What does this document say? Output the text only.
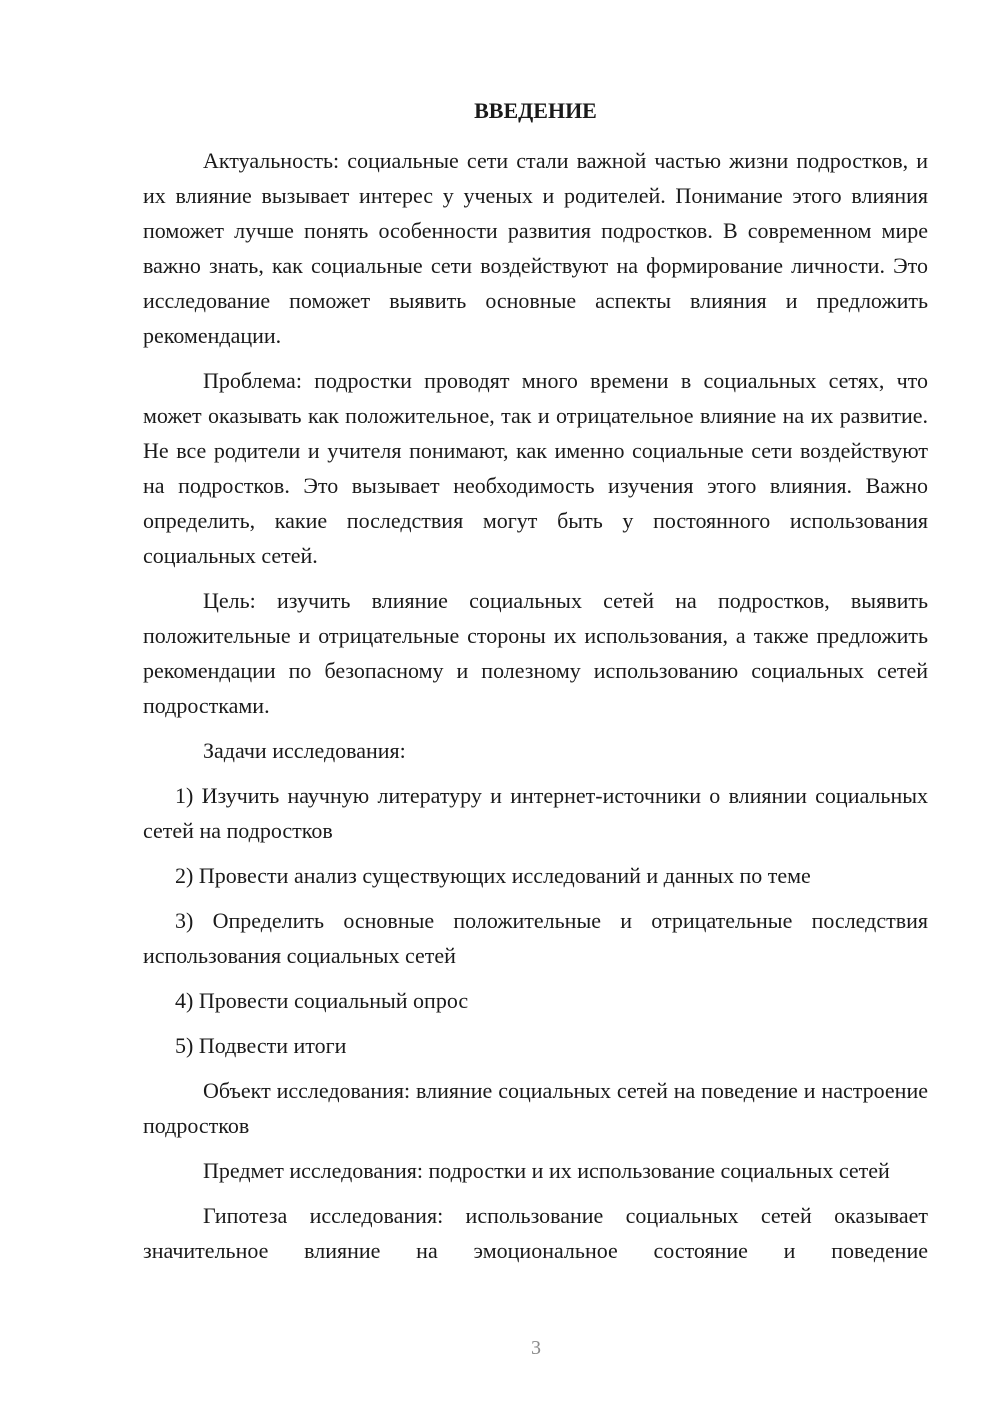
ВВЕДЕНИЕ

Актуальность: социальные сети стали важной частью жизни подростков, и их влияние вызывает интерес у ученых и родителей. Понимание этого влияния поможет лучше понять особенности развития подростков. В современном мире важно знать, как социальные сети воздействуют на формирование личности. Это исследование поможет выявить основные аспекты влияния и предложить рекомендации.

Проблема: подростки проводят много времени в социальных сетях, что может оказывать как положительное, так и отрицательное влияние на их развитие. Не все родители и учителя понимают, как именно социальные сети воздействуют на подростков. Это вызывает необходимость изучения этого влияния. Важно определить, какие последствия могут быть у постоянного использования социальных сетей.

Цель: изучить влияние социальных сетей на подростков, выявить положительные и отрицательные стороны их использования, а также предложить рекомендации по безопасному и полезному использованию социальных сетей подростками.

Задачи исследования:

1) Изучить научную литературу и интернет-источники о влиянии социальных сетей на подростков

2) Провести анализ существующих исследований и данных по теме

3) Определить основные положительные и отрицательные последствия использования социальных сетей

4) Провести социальный опрос

5) Подвести итоги

Объект исследования: влияние социальных сетей на поведение и настроение подростков

Предмет исследования: подростки и их использование социальных сетей

Гипотеза исследования: использование социальных сетей оказывает значительное влияние на эмоциональное состояние и поведение

3
